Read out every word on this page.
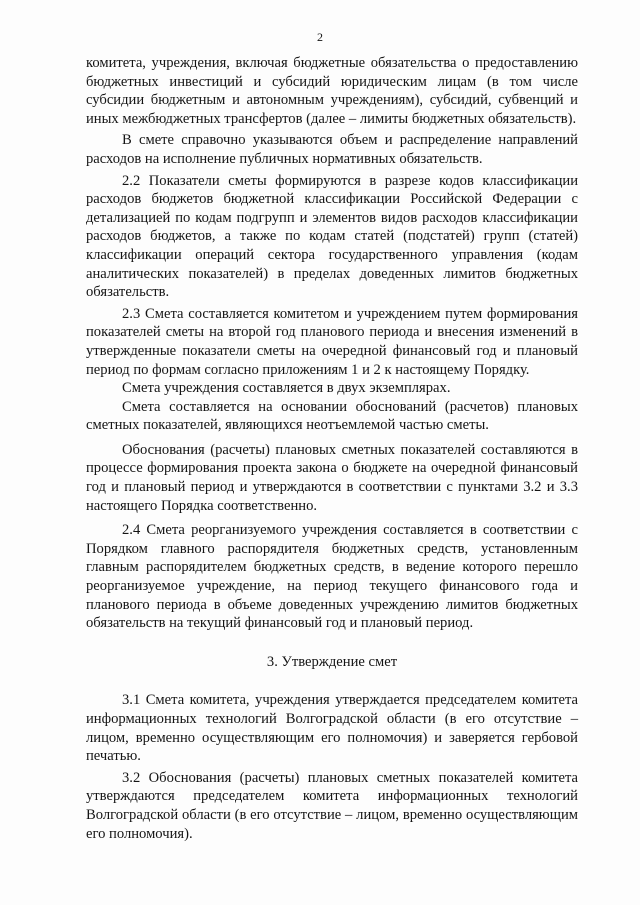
2

комитета, учреждения, включая бюджетные обязательства о предоставлению бюджетных инвестиций и субсидий юридическим лицам (в том числе субсидии бюджетным и автономным учреждениям), субсидий, субвенций и иных межбюджетных трансфертов (далее – лимиты бюджетных обязательств).

В смете справочно указываются объем и распределение направлений расходов на исполнение публичных нормативных обязательств.

2.2 Показатели сметы формируются в разрезе кодов классификации расходов бюджетов бюджетной классификации Российской Федерации с детализацией по кодам подгрупп и элементов видов расходов классификации расходов бюджетов, а также по кодам статей (подстатей) групп (статей) классификации операций сектора государственного управления (кодам аналитических показателей) в пределах доведенных лимитов бюджетных обязательств.

2.3 Смета составляется комитетом и учреждением путем формирования показателей сметы на второй год планового периода и внесения изменений в утвержденные показатели сметы на очередной финансовый год и плановый период по формам согласно приложениям 1 и 2 к настоящему Порядку.

Смета учреждения составляется в двух экземплярах.

Смета составляется на основании обоснований (расчетов) плановых сметных показателей, являющихся неотъемлемой частью сметы.

Обоснования (расчеты) плановых сметных показателей составляются в процессе формирования проекта закона о бюджете на очередной финансовый год и плановый период и утверждаются в соответствии с пунктами 3.2 и 3.3 настоящего Порядка соответственно.

2.4 Смета реорганизуемого учреждения составляется в соответствии с Порядком главного распорядителя бюджетных средств, установленным главным распорядителем бюджетных средств, в ведение которого перешло реорганизуемое учреждение, на период текущего финансового года и планового периода в объеме доведенных учреждению лимитов бюджетных обязательств на текущий финансовый год и плановый период.

3. Утверждение смет

3.1 Смета комитета, учреждения утверждается председателем комитета информационных технологий Волгоградской области (в его отсутствие – лицом, временно осуществляющим его полномочия) и заверяется гербовой печатью.

3.2 Обоснования (расчеты) плановых сметных показателей комитета утверждаются председателем комитета информационных технологий Волгоградской области (в его отсутствие – лицом, временно осуществляющим его полномочия).
